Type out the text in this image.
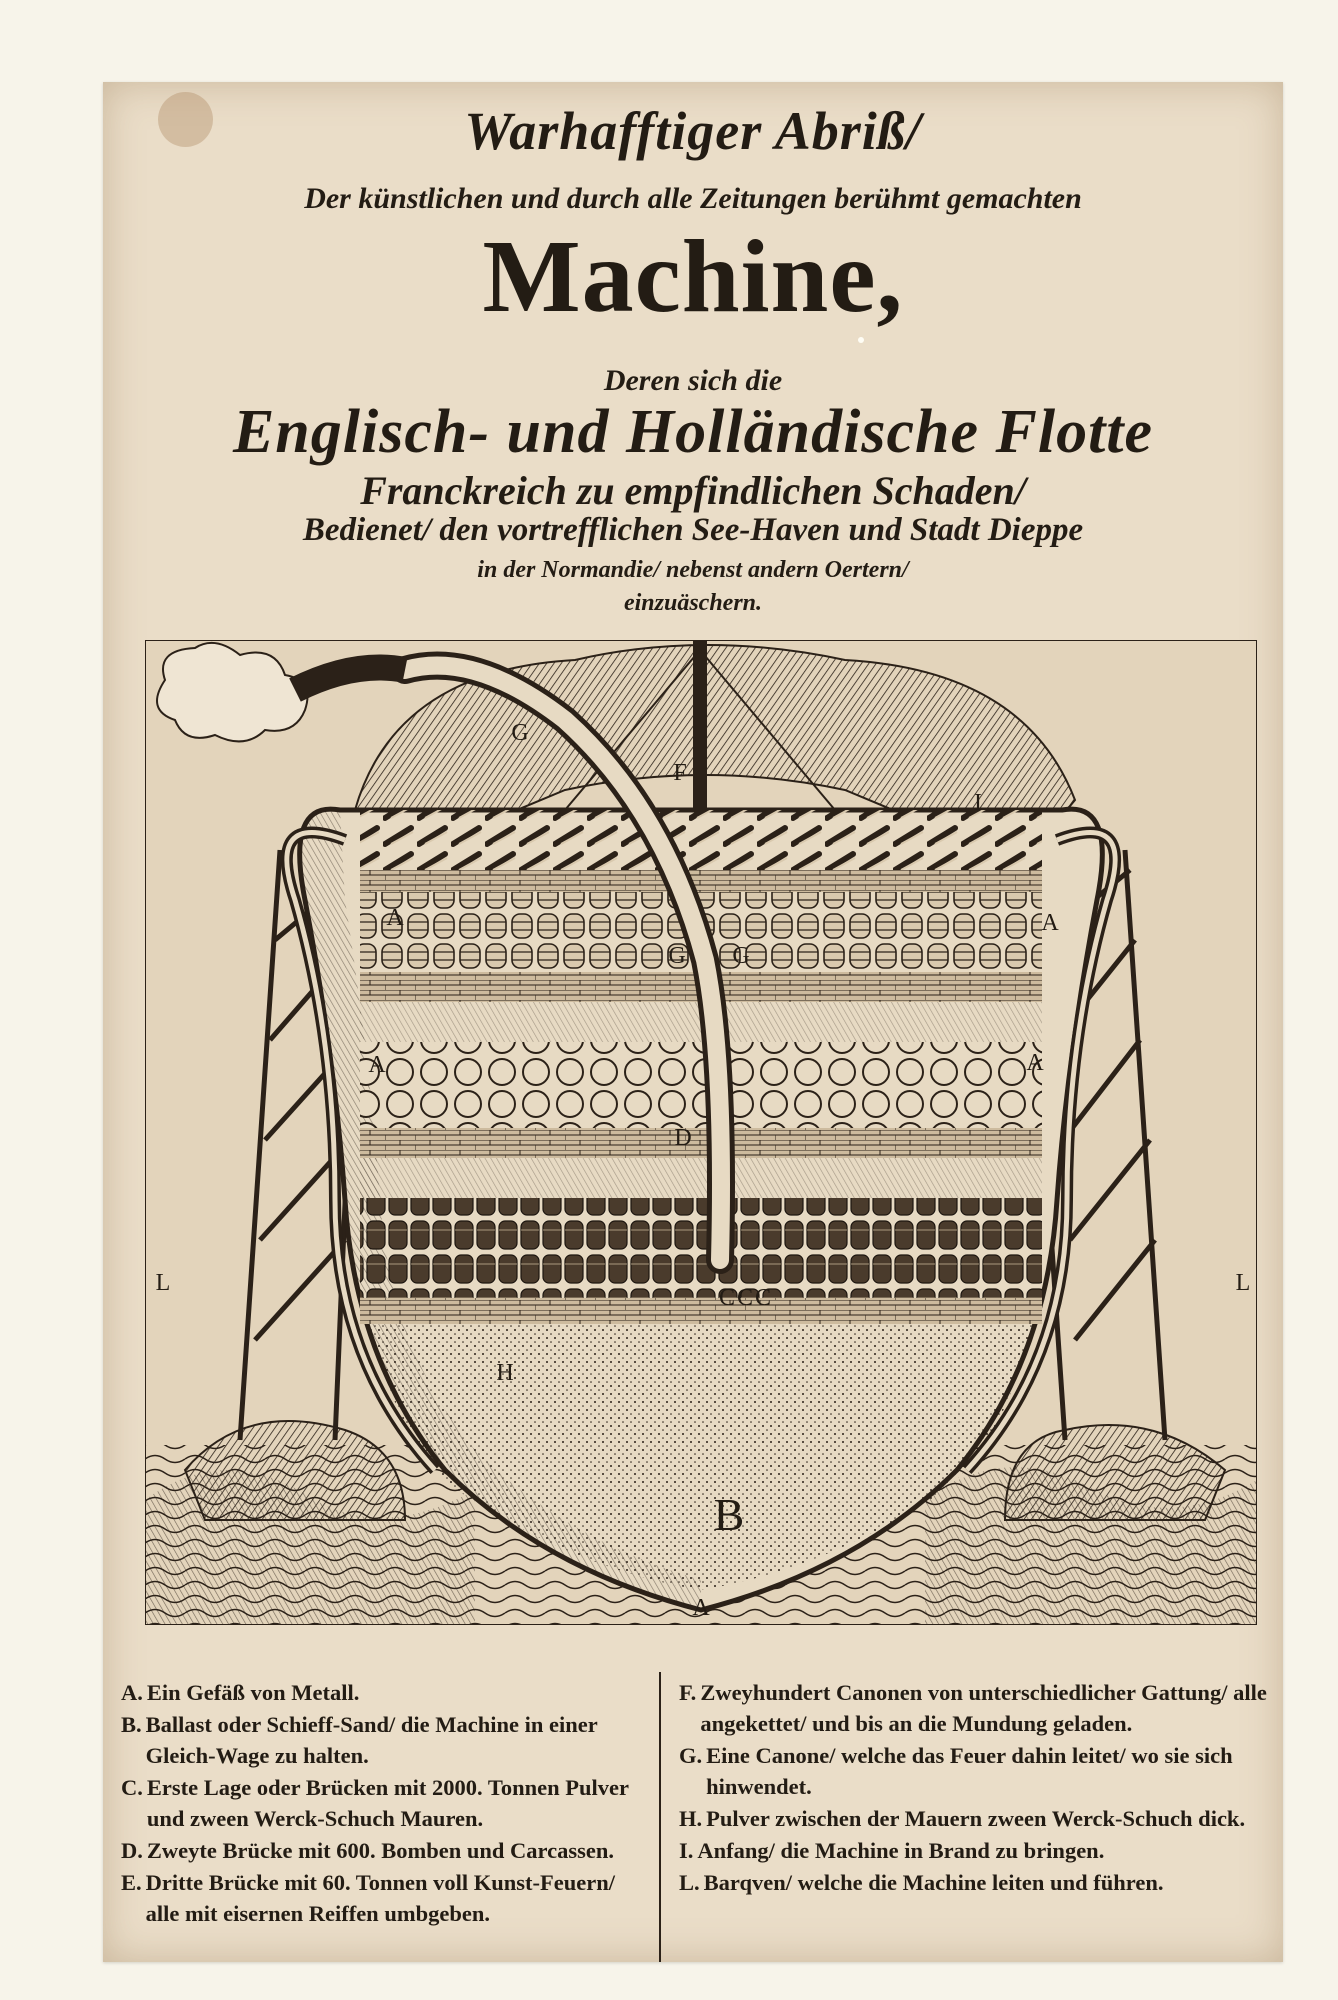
Warhafftiger Abriß/

Der künstlichen und durch alle Zeitungen berühmt gemachten

Machine,

Deren sich die

Englisch- und Holländische Flotte

Franckreich zu empfindlichen Schaden/

Bedienet/ den vortrefflichen See-Haven und Stadt Dieppe

in der Normandie/ nebenst andern Oertern/

einzuäschern.

G
F
I
A	A
A	A
G G
D
C C C
H
L	L
A
B
A. Ein Gefäß von Metall.
B. Ballast oder Schieff-Sand/ die Machine in einer Gleich-Wage zu halten.
C. Erste Lage oder Brücken mit 2000. Tonnen Pulver und zween Werck-Schuch Mauren.
D. Zweyte Brücke mit 600. Bomben und Carcassen.
E. Dritte Brücke mit 60. Tonnen voll Kunst-Feuern/ alle mit eisernen Reiffen umbgeben.
F. Zweyhundert Canonen von unterschiedlicher Gattung/ alle angekettet/ und bis an die Mundung geladen.
G. Eine Canone/ welche das Feuer dahin leitet/ wo sie sich hinwendet.
H. Pulver zwischen der Mauern zween Werck-Schuch dick.
I. Anfang/ die Machine in Brand zu bringen.
L. Barqven/ welche die Machine leiten und führen.
